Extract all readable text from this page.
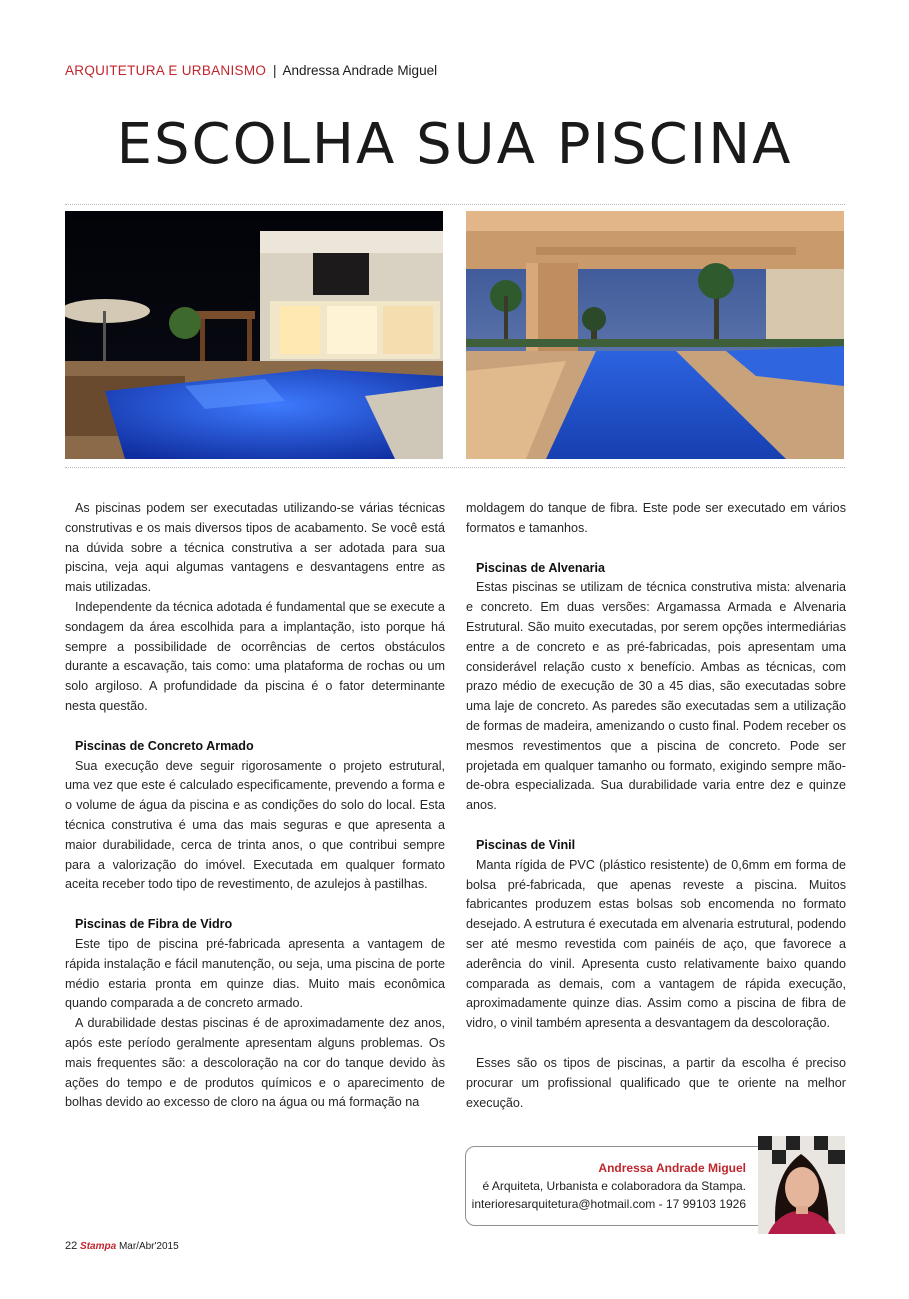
ARQUITETURA E URBANISMO | Andressa Andrade Miguel
ESCOLHA SUA PISCINA

As piscinas podem ser executadas utilizando-se várias técnicas construtivas e os mais diversos tipos de acabamento. Se você está na dúvida sobre a técnica construtiva a ser adotada para sua piscina, veja aqui algumas vantagens e desvantagens entre as mais utilizadas.

Independente da técnica adotada é fundamental que se execute a sondagem da área escolhida para a implantação, isto porque há sempre a possibilidade de ocorrências de certos obstáculos durante a escavação, tais como: uma plataforma de rochas ou um solo argiloso. A profundidade da piscina é o fator determinante nesta questão.

Piscinas de Concreto Armado

Sua execução deve seguir rigorosamente o projeto estrutural, uma vez que este é calculado especificamente, prevendo a forma e o volume de água da piscina e as condições do solo do local. Esta técnica construtiva é uma das mais seguras e que apresenta a maior durabilidade, cerca de trinta anos, o que contribui sempre para a valorização do imóvel. Executada em qualquer formato aceita receber todo tipo de revestimento, de azulejos à pastilhas.

Piscinas de Fibra de Vidro

Este tipo de piscina pré-fabricada apresenta a vantagem de rápida instalação e fácil manutenção, ou seja, uma piscina de porte médio estaria pronta em quinze dias. Muito mais econômica quando comparada a de concreto armado.

A durabilidade destas piscinas é de aproximadamente dez anos, após este período geralmente apresentam alguns problemas. Os mais frequentes são: a descoloração na cor do tanque devido às ações do tempo e de produtos químicos e o aparecimento de bolhas devido ao excesso de cloro na água ou má formação na

moldagem do tanque de fibra. Este pode ser executado em vários formatos e tamanhos.

Piscinas de Alvenaria

Estas piscinas se utilizam de técnica construtiva mista: alvenaria e concreto. Em duas versões: Argamassa Armada e Alvenaria Estrutural. São muito executadas, por serem opções intermediárias entre a de concreto e as pré-fabricadas, pois apresentam uma considerável relação custo x benefício. Ambas as técnicas, com prazo médio de execução de 30 a 45 dias, são executadas sobre uma laje de concreto. As paredes são executadas sem a utilização de formas de madeira, amenizando o custo final. Podem receber os mesmos revestimentos que a piscina de concreto. Pode ser projetada em qualquer tamanho ou formato, exigindo sempre mão-de-obra especializada. Sua durabilidade varia entre dez e quinze anos.

Piscinas de Vinil

Manta rígida de PVC (plástico resistente) de 0,6mm em forma de bolsa pré-fabricada, que apenas reveste a piscina. Muitos fabricantes produzem estas bolsas sob encomenda no formato desejado. A estrutura é executada em alvenaria estrutural, podendo ser até mesmo revestida com painéis de aço, que favorece a aderência do vinil. Apresenta custo relativamente baixo quando comparada as demais, com a vantagem de rápida execução, aproximadamente quinze dias. Assim como a piscina de fibra de vidro, o vinil também apresenta a desvantagem da descoloração.

Esses são os tipos de piscinas, a partir da escolha é preciso procurar um profissional qualificado que te oriente na melhor execução.

Andressa Andrade Miguel
é Arquiteta, Urbanista e colaboradora da Stampa.
interioresarquitetura@hotmail.com - 17 99103 1926
22 Stampa Mar/Abr'2015
